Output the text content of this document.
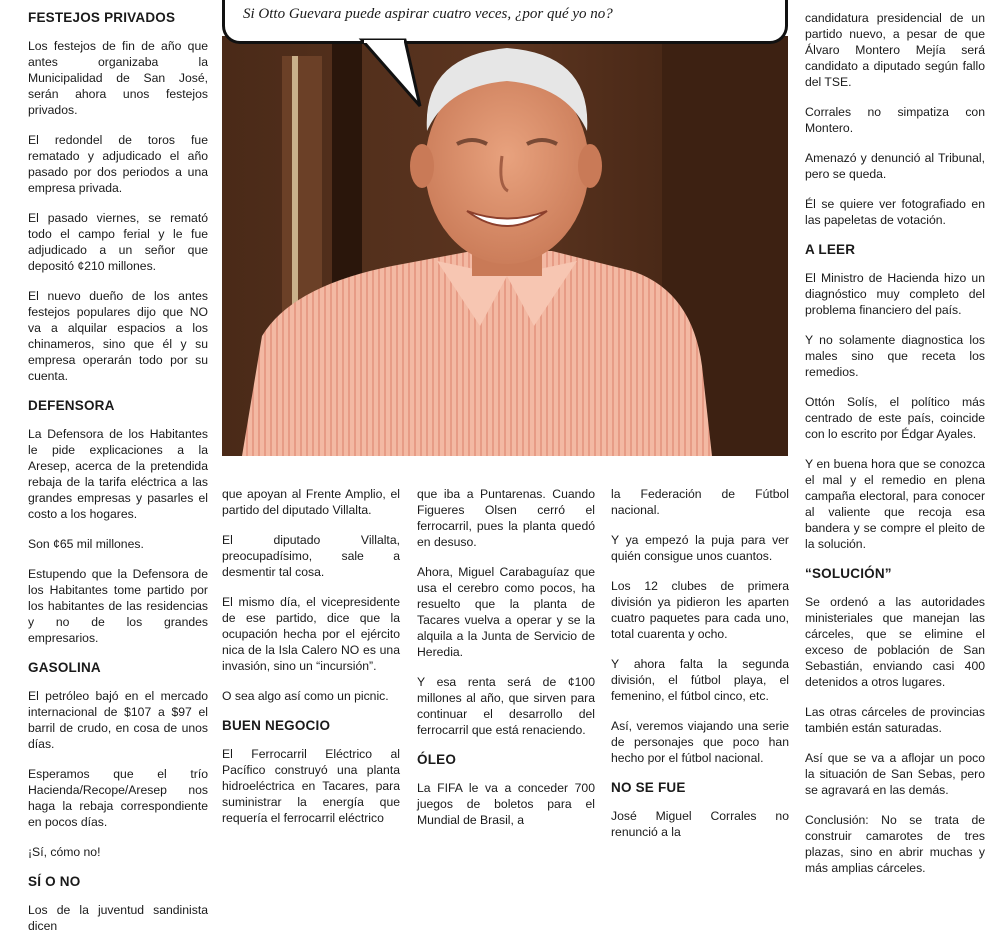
FESTEJOS PRIVADOS

Los festejos de fin de año que antes organizaba la Municipalidad de San José, serán ahora unos festejos privados.

El redondel de toros fue rematado y adjudicado el año pasado por dos periodos a una empresa privada.

El pasado viernes, se remató todo el campo ferial y le fue adjudicado a un señor que depositó ¢210 millones.

El nuevo dueño de los antes festejos populares dijo que NO va a alquilar espacios a los chinameros, sino que él y su empresa operarán todo por su cuenta.

DEFENSORA

La Defensora de los Habitantes le pide explicaciones a la Aresep, acerca de la pretendida rebaja de la tarifa eléctrica a las grandes empresas y pasarles el costo a los hogares.

Son ¢65 mil millones.

Estupendo que la Defensora de los Habitantes tome partido por los habitantes de las residencias y no de los grandes empresarios.

GASOLINA

El petróleo bajó en el mercado internacional de $107 a $97 el barril de crudo, en cosa de unos días.

Esperamos que el trío Hacienda/Recope/Aresep nos haga la rebaja correspondiente en pocos días.

¡Sí, cómo no!

SÍ O NO

Los de la juventud sandinista dicen

Si Otto Guevara puede aspirar cuatro veces, ¿por qué yo no?

que apoyan al Frente Amplio, el partido del diputado Villalta.

El diputado Villalta, preocupadísimo, sale a desmentir tal cosa.

El mismo día, el vicepresidente de ese partido, dice que la ocupación hecha por el ejército nica de la Isla Calero NO es una invasión, sino un “incursión”.

O sea algo así como un picnic.

BUEN NEGOCIO

El Ferrocarril Eléctrico al Pacífico construyó una planta hidroeléctrica en Tacares, para suministrar la energía que requería el ferrocarril eléctrico

que iba a Puntarenas. Cuando Figueres Olsen cerró el ferrocarril, pues la planta quedó en desuso.

Ahora, Miguel Carabaguíaz que usa el cerebro como pocos, ha resuelto que la planta de Tacares vuelva a operar y se la alquila a la Junta de Servicio de Heredia.

Y esa renta será de ¢100 millones al año, que sirven para continuar el desarrollo del ferrocarril que está renaciendo.

ÓLEO

La FIFA le va a conceder 700 juegos de boletos para el Mundial de Brasil, a

la Federación de Fútbol nacional.

Y ya empezó la puja para ver quién consigue unos cuantos.

Los 12 clubes de primera división ya pidieron les aparten cuatro paquetes para cada uno, total cuarenta y ocho.

Y ahora falta la segunda división, el fútbol playa, el femenino, el fútbol cinco, etc.

Así, veremos viajando una serie de personajes que poco han hecho por el fútbol nacional.

NO SE FUE

José Miguel Corrales no renunció a la

candidatura presidencial de un partido nuevo, a pesar de que Álvaro Montero Mejía será candidato a diputado según fallo del TSE.

Corrales no simpatiza con Montero.

Amenazó y denunció al Tribunal, pero se queda.

Él se quiere ver fotografiado en las papeletas de votación.

A LEER

El Ministro de Hacienda hizo un diagnóstico muy completo del problema financiero del país.

Y no solamente diagnostica los males sino que receta los remedios.

Ottón Solís, el político más centrado de este país, coincide con lo escrito por Édgar Ayales.

Y en buena hora que se conozca el mal y el remedio en plena campaña electoral, para conocer al valiente que recoja esa bandera y se compre el pleito de la solución.

“SOLUCIÓN”

Se ordenó a las autoridades ministeriales que manejan las cárceles, que se elimine el exceso de población de San Sebastián, enviando casi 400 detenidos a otros lugares.

Las otras cárceles de provincias también están saturadas.

Así que se va a aflojar un poco la situación de San Sebas, pero se agravará en las demás.

Conclusión: No se trata de construir camarotes de tres plazas, sino en abrir muchas y más amplias cárceles.
